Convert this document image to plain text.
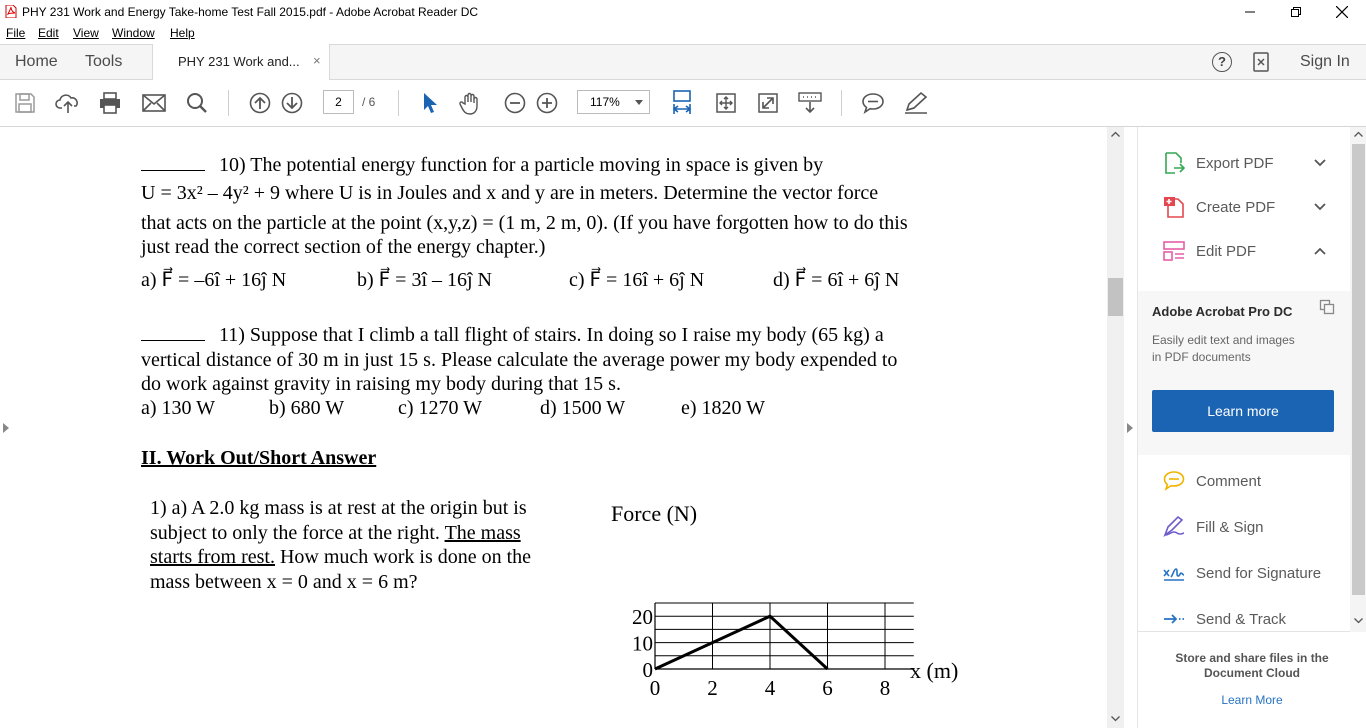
PHY 231 Work and Energy Take-home Test Fall 2015.pdf - Adobe Acrobat Reader DC
File Edit View Window Help
Home Tools	PHY 231 Work and... ×	?	Sign In
2	/ 6	117%
10) The potential energy function for a particle moving in space is given by
U = 3x² – 4y² + 9 where U is in Joules and x and y are in meters. Determine the vector force
that acts on the particle at the point (x,y,z) = (1 m, 2 m, 0). (If you have forgotten how to do this
just read the correct section of the energy chapter.)
a) F⃗ = –6î + 16ĵ N	b) F⃗ = 3î – 16ĵ N	c) F⃗ = 16î + 6ĵ N	d) F⃗ = 6î + 6ĵ N
11) Suppose that I climb a tall flight of stairs. In doing so I raise my body (65 kg) a
vertical distance of 30 m in just 15 s. Please calculate the average power my body expended to
do work against gravity in raising my body during that 15 s.
a) 130 W	b) 680 W	c) 1270 W	d) 1500 W	e) 1820 W
II. Work Out/Short Answer
1) a) A 2.0 kg mass is at rest at the origin but is
subject to only the force at the right. The mass
starts from rest. How much work is done on the
mass between x = 0 and x = 6 m?
Force (N)
0 2 4 6 8
0
10
20
x (m)
Export PDF
Create PDF
Edit PDF
Adobe Acrobat Pro DC
Easily edit text and images
in PDF documents
Learn more
Comment
Fill & Sign
Send for Signature
Send & Track
Store and share files in the
Document Cloud
Learn More
